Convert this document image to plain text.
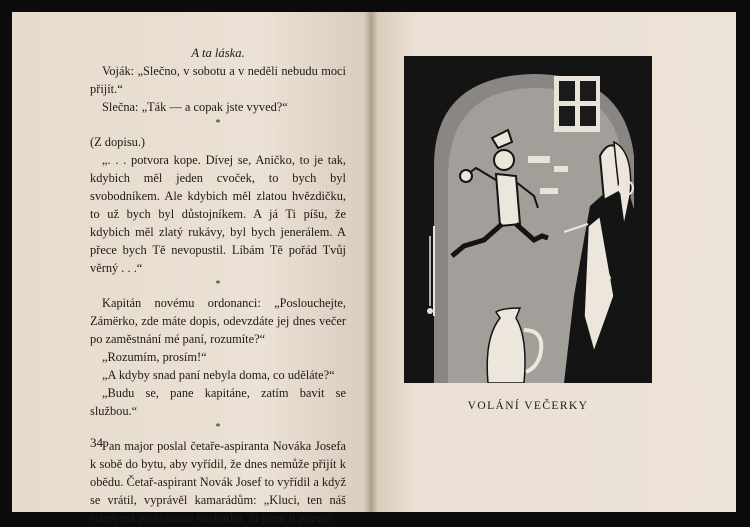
A ta láska.

Voják: „Slečno, v sobotu a v neděli nebudu moci přijít.“

Slečna: „Ták — a copak jste vyved?“

*

(Z dopisu.)

„. . . potvora kope. Dívej se, Aničko, to je tak, kdybich měl jeden cvoček, to bych byl svobodníkem. Ale kdybich měl zlatou hvězdičku, to už bych byl důstojníkem. A já Ti píšu, že kdybich měl zlatý rukávy, byl bych jenerálem. A přece bych Tě nevopustil. Líbám Tě pořád Tvůj věrný . . .“

*

Kapitán novému ordonanci: „Poslouchejte, Zámërko, zde máte dopis, odevzdáte jej dnes večer po zaměstnání mé paní, rozumíte?“

„Rozumím, prosím!“

„A kdyby snad paní nebyla doma, co uděláte?“

„Budu se, pane kapitáne, zatím bavit se službou.“

*

Pan major poslal četaře-aspiranta Nováka Josefa k sobě do bytu, aby vyřídil, že dnes nemůže přijít k obědu. Četař-aspirant Novák Josef to vyřídil a když se vrátil, vyprávěl kamarádům: „Kluci, ten náš starej má překrásnou kuchařku. Já jsem ji pozval

34
VOLÁNÍ VEČERKY
